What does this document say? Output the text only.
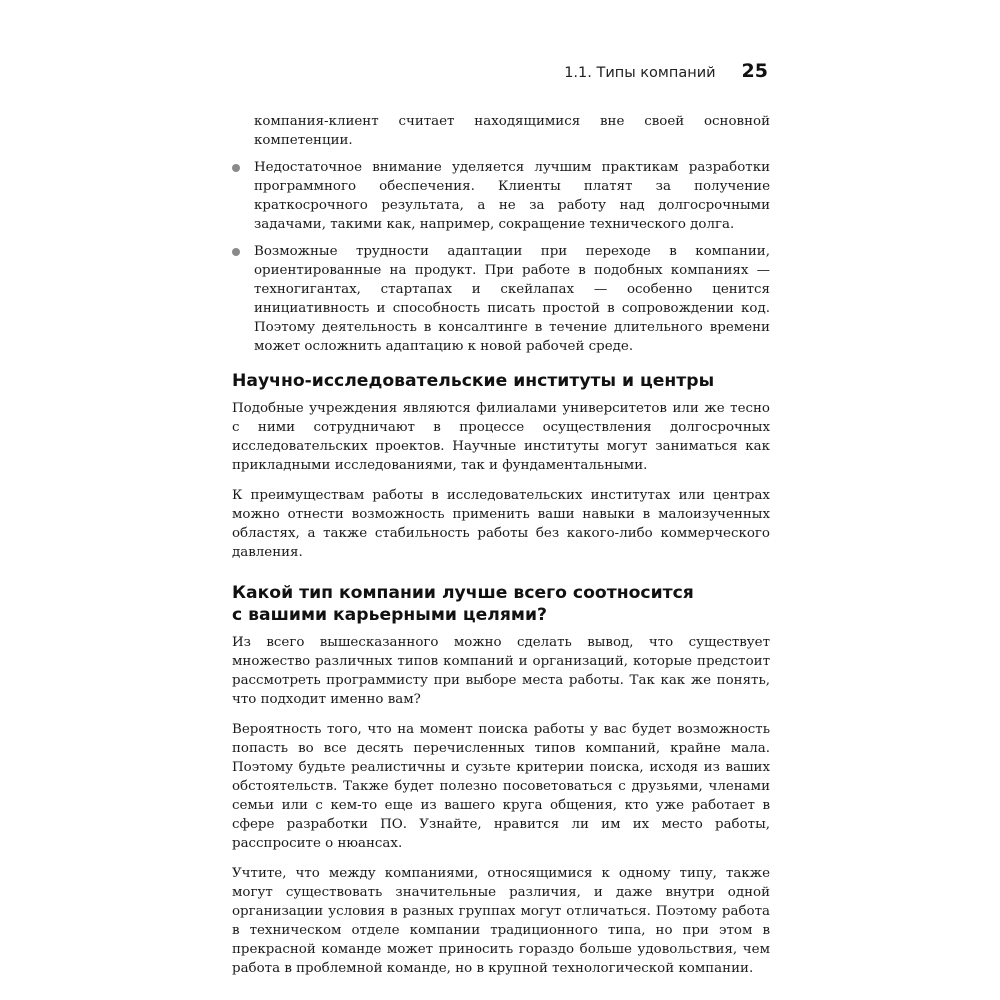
1.1. Типы компаний 25

компания-клиент считает находящимися вне своей основной компетенции.

Недостаточное внимание уделяется лучшим практикам разработки программного обеспечения. Клиенты платят за получение краткосрочного результата, а не за работу над долгосрочными задачами, такими как, например, сокращение технического долга.

Возможные трудности адаптации при переходе в компании, ориентированные на продукт. При работе в подобных компаниях — техногигантах, стартапах и скейлапах — особенно ценится инициативность и способность писать простой в сопровождении код. Поэтому деятельность в консалтинге в течение длительного времени может осложнить адаптацию к новой рабочей среде.

Научно-исследовательские институты и центры

Подобные учреждения являются филиалами университетов или же тесно с ними сотрудничают в процессе осуществления долгосрочных исследовательских проектов. Научные институты могут заниматься как прикладными исследованиями, так и фундаментальными.

К преимуществам работы в исследовательских институтах или центрах можно отнести возможность применить ваши навыки в малоизученных областях, а также стабильность работы без какого-либо коммерческого давления.

Какой тип компании лучше всего соотносится
с вашими карьерными целями?

Из всего вышесказанного можно сделать вывод, что существует множество различных типов компаний и организаций, которые предстоит рассмотреть программисту при выборе места работы. Так как же понять, что подходит именно вам?

Вероятность того, что на момент поиска работы у вас будет возможность попасть во все десять перечисленных типов компаний, крайне мала. Поэтому будьте реалистичны и сузьте критерии поиска, исходя из ваших обстоятельств. Также будет полезно посоветоваться с друзьями, членами семьи или с кем-то еще из вашего круга общения, кто уже работает в сфере разработки ПО. Узнайте, нравится ли им их место работы, расспросите о нюансах.

Учтите, что между компаниями, относящимися к одному типу, также могут существовать значительные различия, и даже внутри одной организации условия в разных группах могут отличаться. Поэтому работа в техническом отделе компании традиционного типа, но при этом в прекрасной команде может приносить гораздо больше удовольствия, чем работа в проблемной команде, но в крупной технологической компании.
